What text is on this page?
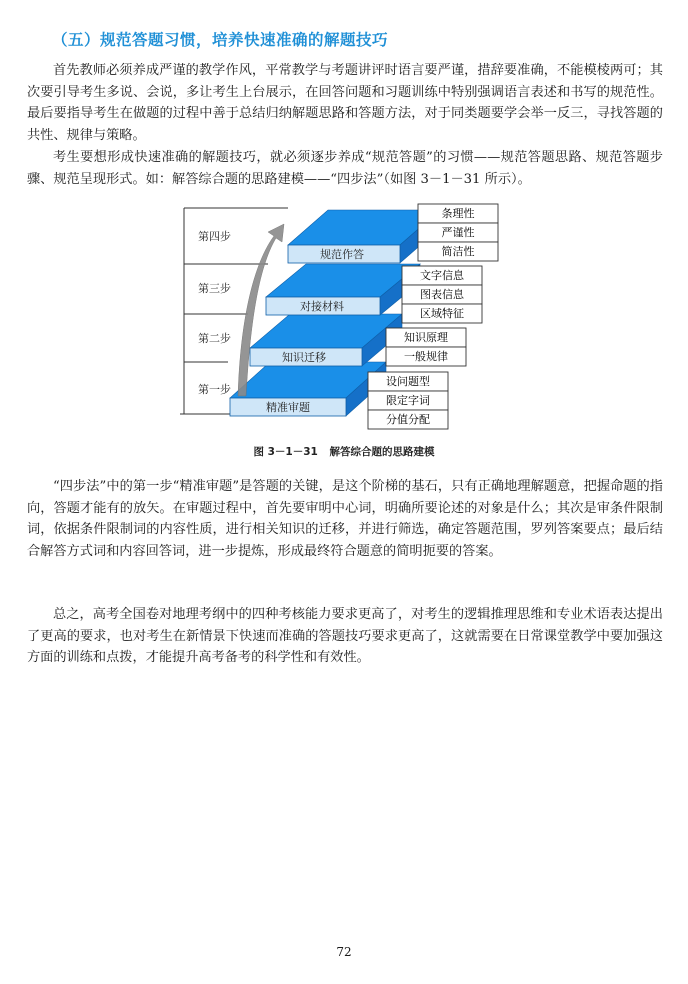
（五）规范答题习惯，培养快速准确的解题技巧

首先教师必须养成严谨的教学作风，平常教学与考题讲评时语言要严谨，措辞要准确，不能模棱两可；其次要引导考生多说、会说，多让考生上台展示，在回答问题和习题训练中特别强调语言表述和书写的规范性。最后要指导考生在做题的过程中善于总结归纳解题思路和答题方法，对于同类题要学会举一反三，寻找答题的共性、规律与策略。

考生要想形成快速准确的解题技巧，就必须逐步养成“规范答题”的习惯——规范答题思路、规范答题步骤、规范呈现形式。如：解答综合题的思路建模——“四步法”（如图 3－1－31 所示）。

精准审题
知识迁移
对接材料
规范作答
第四步
第三步
第二步
第一步
条理性
严谨性
简洁性
文字信息
图表信息
区域特征
知识原理
一般规律
设问题型
限定字词
分值分配
图 3－1－31 解答综合题的思路建模

“四步法”中的第一步“精准审题”是答题的关键，是这个阶梯的基石，只有正确地理解题意，把握命题的指向，答题才能有的放矢。在审题过程中，首先要审明中心词，明确所要论述的对象是什么；其次是审条件限制词，依据条件限制词的内容性质，进行相关知识的迁移，并进行筛选，确定答题范围，罗列答案要点；最后结合解答方式词和内容回答词，进一步提炼，形成最终符合题意的简明扼要的答案。

总之，高考全国卷对地理考纲中的四种考核能力要求更高了，对考生的逻辑推理思维和专业术语表达提出了更高的要求，也对考生在新情景下快速而准确的答题技巧要求更高了，这就需要在日常课堂教学中要加强这方面的训练和点拨，才能提升高考备考的科学性和有效性。

72
